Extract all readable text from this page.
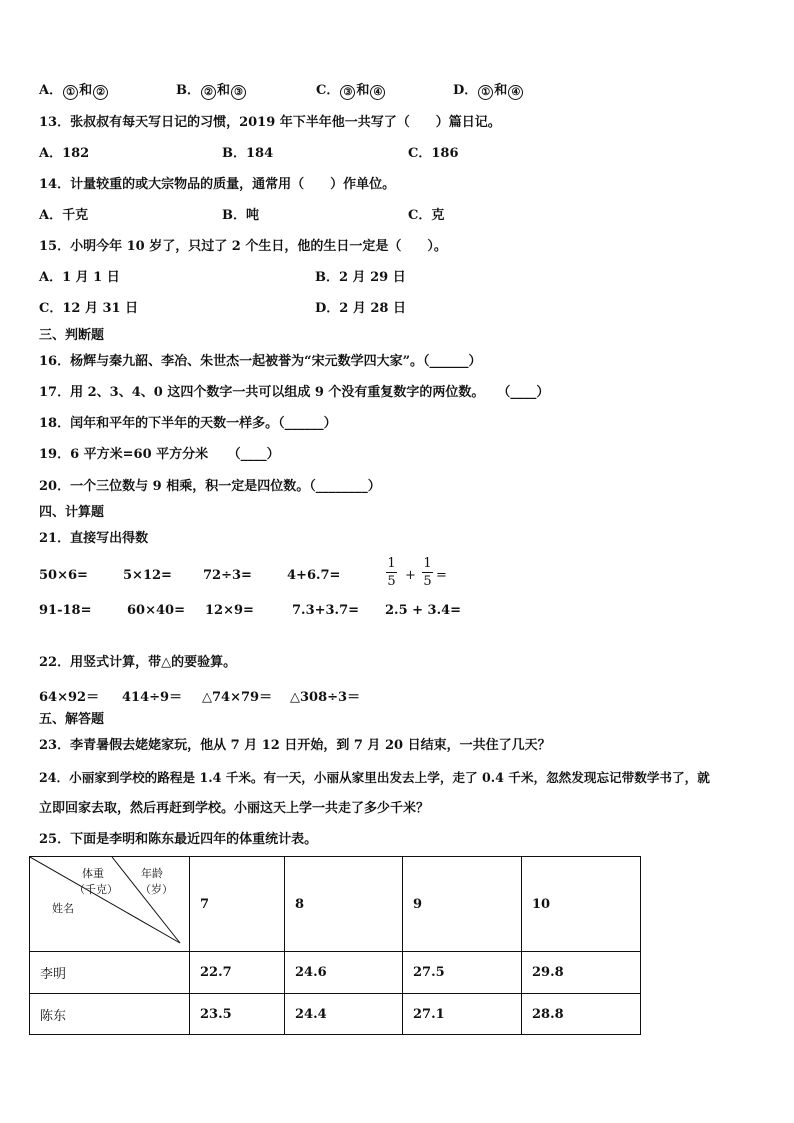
A． ① 和 ②	B． ② 和 ③	C． ③ 和 ④	D． ① 和 ④
13．张叔叔有每天写日记的习惯，2019 年下半年他一共写了（　　）篇日记。
A．182	B．184	C．186
14．计量较重的或大宗物品的质量，通常用（　　）作单位。
A．千克	B．吨	C．克
15．小明今年 10 岁了，只过了 2 个生日，他的生日一定是（　　）。
A．1 月 1 日	B．2 月 29 日
C．12 月 31 日	D．2 月 28 日
三、判断题
16．杨辉与秦九韶、李冶、朱世杰一起被誉为“宋元数学四大家”。（______）
17．用 2、3、4、0 这四个数字一共可以组成 9 个没有重复数字的两位数。　　（____）
18．闰年和平年的下半年的天数一样多。（______）
19．6 平方米=60 平方分米　　（____）
20．一个三位数与 9 相乘，积一定是四位数。（________）
四、计算题
21．直接写出得数
50×6=	5×12= 72÷3=	4+6.7=
1
5 +
1
5 =
91-18=	60×40= 12×9=	7.3+3.7= 2.5 + 3.4=
22．用竖式计算，带△的要验算。
64×92＝ 414÷9＝ △74×79＝ △308÷3＝
五、解答题
23．李青暑假去姥姥家玩，他从 7 月 12 日开始，到 7 月 20 日结束，一共住了几天？
24．小丽家到学校的路程是 1.4 千米。有一天，小丽从家里出发去上学，走了 0.4 千米，忽然发现忘记带数学书了，就
立即回家去取，然后再赶到学校。小丽这天上学一共走了多少千米？
25．下面是李明和陈东最近四年的体重统计表。
体重
（千克）
年龄
（岁）
姓名	7	8	9	10
李明	22.7	24.6	27.5	29.8
陈东	23.5	24.4	27.1	28.8
